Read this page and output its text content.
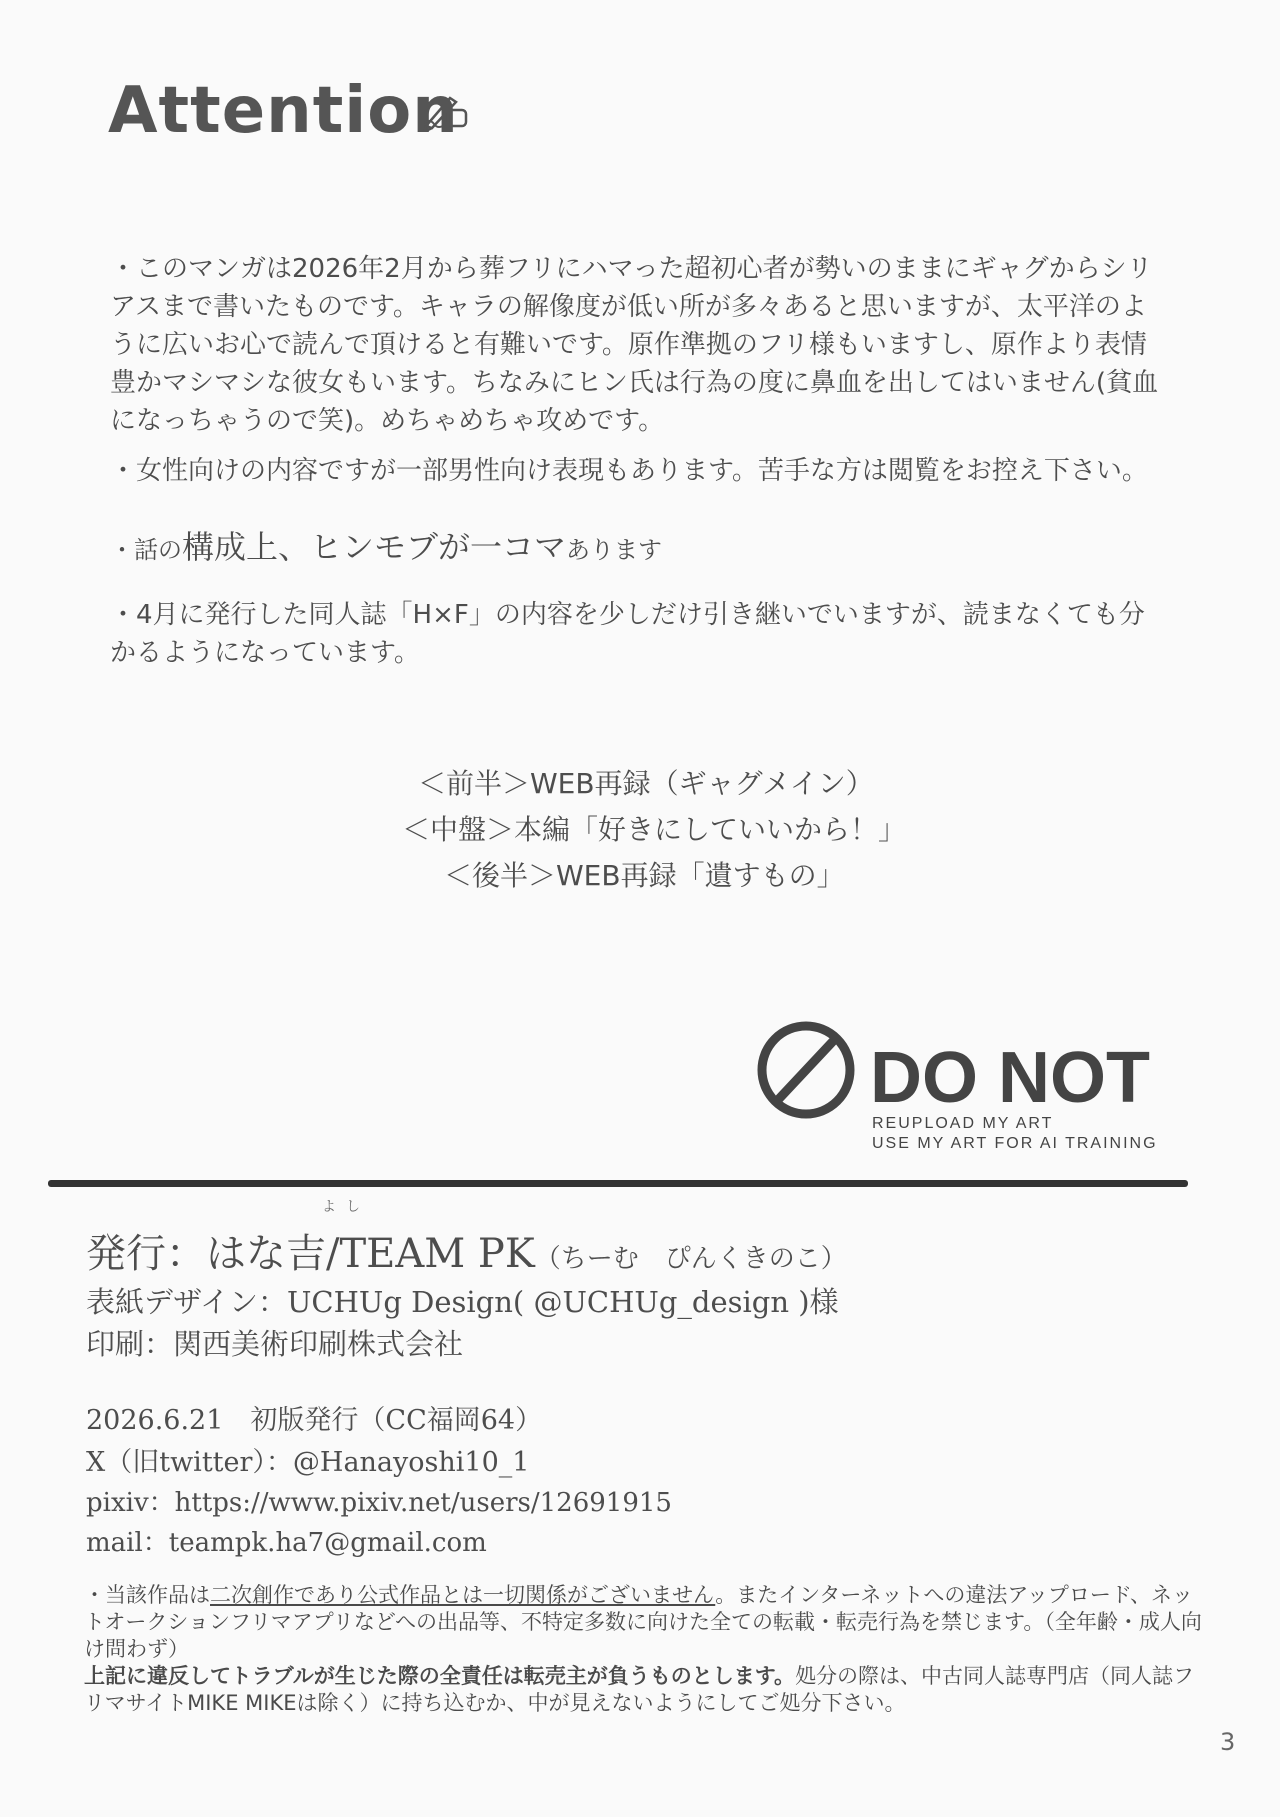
Attention
・このマンガは2026年2月から葬フリにハマった超初心者が勢いのままにギャグからシリアスまで書いたものです。キャラの解像度が低い所が多々あると思いますが、太平洋のように広いお心で読んで頂けると有難いです。原作準拠のフリ様もいますし、原作より表情豊かマシマシな彼女もいます。ちなみにヒン氏は行為の度に鼻血を出してはいません(貧血になっちゃうので笑)。めちゃめちゃ攻めです。
・女性向けの内容ですが一部男性向け表現もあります。苦手な方は閲覧をお控え下さい。
・話の構成上、ヒンモブが一コマあります
・4月に発行した同人誌「H×F」の内容を少しだけ引き継いでいますが、読まなくても分かるようになっています。
＜前半＞WEB再録（ギャグメイン）
＜中盤＞本編「好きにしていいから！」
＜後半＞WEB再録「遺すもの」
DO NOT
REUPLOAD MY ART
USE MY ART FOR AI TRAINING
よし
発行：はな吉/TEAM PK（ちーむ　ぴんくきのこ）
表紙デザイン：UCHUg Design( @UCHUg_design )様
印刷：関西美術印刷株式会社
2026.6.21　初版発行（CC福岡64）
X（旧twitter）：@Hanayoshi10_1
pixiv：https://www.pixiv.net/users/12691915
mail：teampk.ha7@gmail.com
・当該作品は二次創作であり公式作品とは一切関係がございません。またインターネットへの違法アップロード、ネットオークションフリマアプリなどへの出品等、不特定多数に向けた全ての転載・転売行為を禁じます。（全年齢・成人向け問わず）
上記に違反してトラブルが生じた際の全責任は転売主が負うものとします。処分の際は、中古同人誌専門店（同人誌フリマサイトMIKE MIKEは除く）に持ち込むか、中が見えないようにしてご処分下さい。
3
